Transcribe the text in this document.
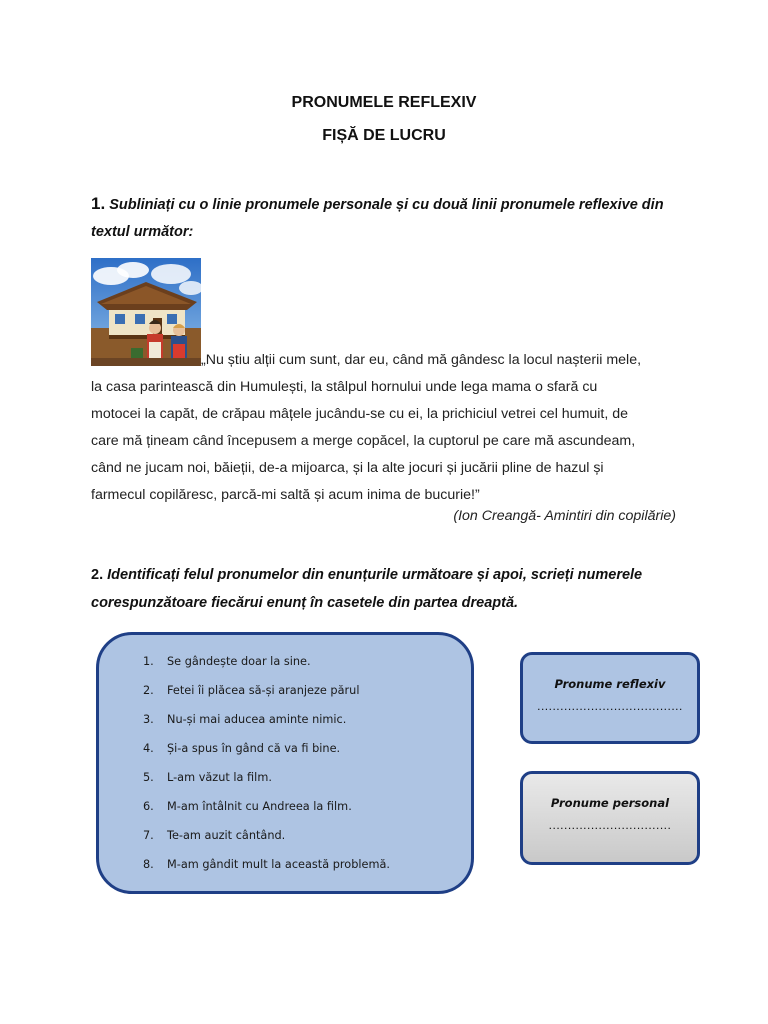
PRONUMELE REFLEXIV
FIȘĂ DE LUCRU
1. Subliniați cu o linie pronumele personale și cu două linii pronumele reflexive din textul următor:
„Nu știu alții cum sunt, dar eu, când mă gândesc la locul nașterii mele,
la casa parintească din Humulești, la stâlpul hornului unde lega mama o sfară cu
motocei la capăt, de crăpau mâțele jucându-se cu ei, la prichiciul vetrei cel humuit, de
care mă țineam când începusem a merge copăcel, la cuptorul pe care mă ascundeam,
când ne jucam noi, băieții, de-a mijoarca, și la alte jocuri și jucării pline de hazul și
farmecul copilăresc, parcă-mi saltă și acum inima de bucurie!”
(Ion Creangă- Amintiri din copilărie)
2. Identificați felul pronumelor din enunțurile următoare și apoi, scrieți numerele corespunzătoare fiecărui enunț în casetele din partea dreaptă.
1. Se gândește doar la sine.
2. Fetei îi plăcea să-și aranjeze părul
3. Nu-și mai aducea aminte nimic.
4. Și-a spus în gând că va fi bine.
5. L-am văzut la film.
6. M-am întâlnit cu Andreea la film.
7. Te-am auzit cântând.
8. M-am gândit mult la această problemă.
Pronume reflexiv
......................................
Pronume personal
................................
